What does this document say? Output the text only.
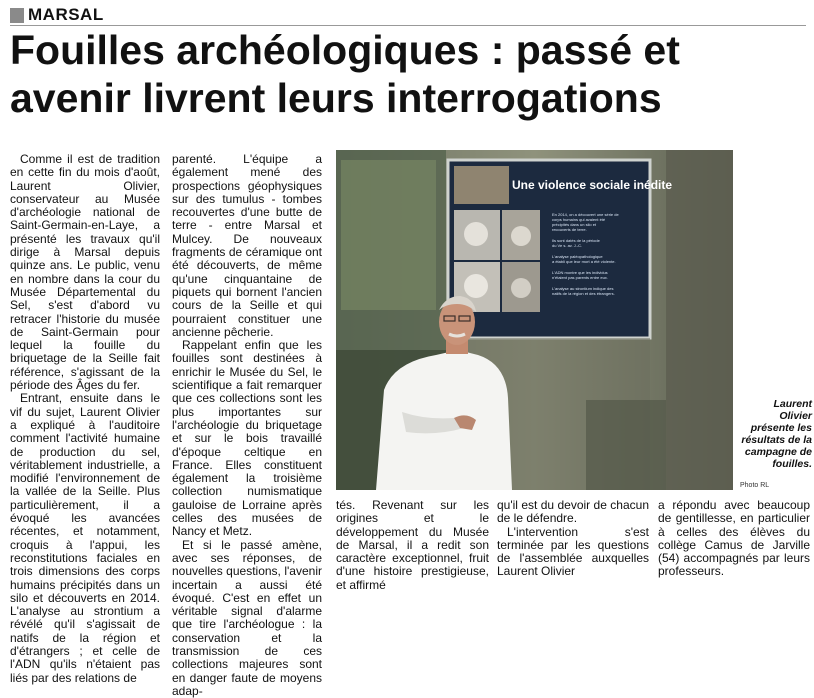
MARSAL
Fouilles archéologiques : passé et
avenir livrent leurs interrogations

Comme il est de tradition en cette fin du mois d'août, Laurent Olivier, conservateur au Musée d'archéologie national de Saint-Germain-en-Laye, a présenté les travaux qu'il dirige à Marsal depuis quinze ans. Le public, venu en nombre dans la cour du Musée Départemental du Sel, s'est d'abord vu retracer l'historie du musée de Saint-Germain pour lequel la fouille du briquetage de la Seille fait référence, s'agissant de la période des Âges du fer.

Entrant, ensuite dans le vif du sujet, Laurent Olivier a expliqué à l'auditoire comment l'activité humaine de production du sel, véritablement industrielle, a modifié l'environnement de la vallée de la Seille. Plus particulièrement, il a évoqué les avancées récentes, et notamment, croquis à l'appui, les reconstitutions faciales en trois dimensions des corps humains précipités dans un silo et découverts en 2014. L'analyse au strontium a révélé qu'il s'agissait de natifs de la région et d'étrangers ; et celle de l'ADN qu'ils n'étaient pas liés par des relations de

parenté. L'équipe a également mené des prospections géophysiques sur des tumulus - tombes recouvertes d'une butte de terre - entre Marsal et Mulcey. De nouveaux fragments de céramique ont été découverts, de même qu'une cinquantaine de piquets qui bornent l'ancien cours de la Seille et qui pourraient constituer une ancienne pêcherie.

Rappelant enfin que les fouilles sont destinées à enrichir le Musée du Sel, le scientifique a fait remarquer que ces collections sont les plus importantes sur l'archéologie du briquetage et sur le bois travaillé d'époque celtique en France. Elles constituent également la troisième collection numismatique gauloise de Lorraine après celles des musées de Nancy et Metz.

Et si le passé amène, avec ses réponses, de nouvelles questions, l'avenir incertain a aussi été évoqué. C'est en effet un véritable signal d'alarme que tire l'archéologue : la conservation et la transmission de ces collections majeures sont en danger faute de moyens adap-

Une violence sociale inédite
En 2014, on a découvert une série de
corps humains qui avaient été
précipités dans un silo et
recouverts de terre.
Ils sont datés de la période
du Ve s. av. J.-C.
L'analyse paléopathologique
a établi que leur mort a été violente.
L'ADN montre que les individus
n'étaient pas parents entre eux.
L'analyse au strontium indique des
natifs de la région et des étrangers.
Laurent Olivier présente les résultats de la campagne de fouilles.
Photo RL

tés. Revenant sur les origines et le développement du Musée de Marsal, il a redit son caractère exceptionnel, fruit d'une histoire prestigieuse, et affirmé

qu'il est du devoir de chacun de le défendre.

L'intervention s'est terminée par les questions de l'assemblée auxquelles Laurent Olivier

a répondu avec beaucoup de gentillesse, en particulier à celles des élèves du collège Camus de Jarville (54) accompagnés par leurs professeurs.
